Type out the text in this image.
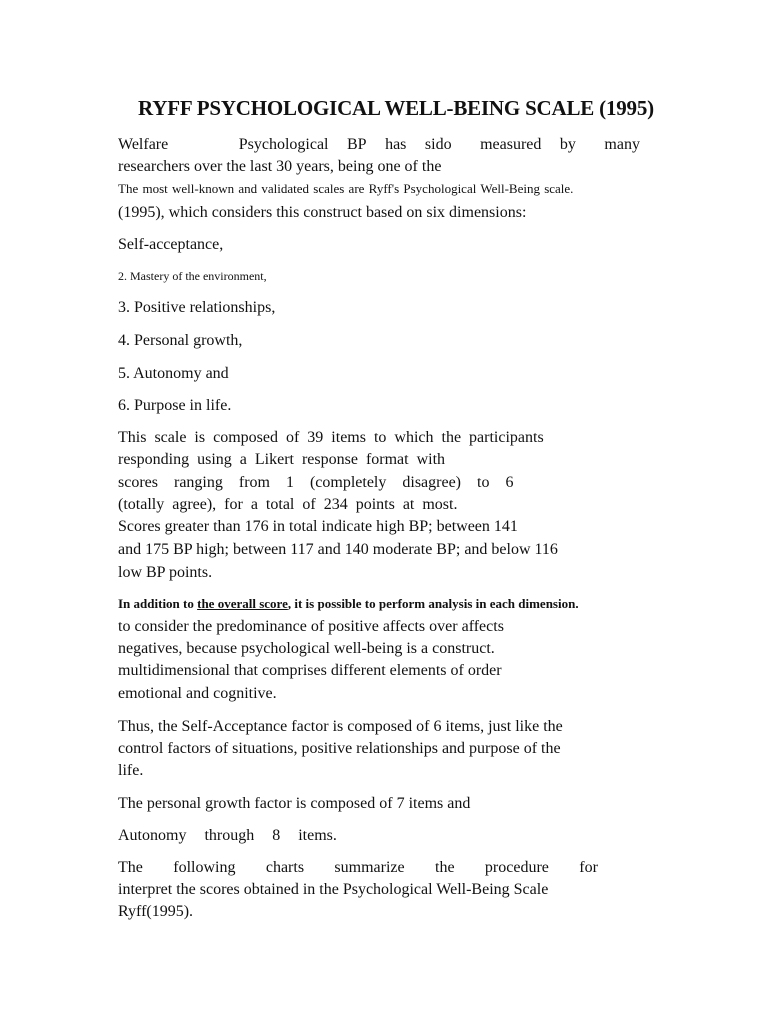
RYFF PSYCHOLOGICAL WELL-BEING SCALE (1995)
Welfare	Psychological BP has sido measured by many
researchers over the last 30 years, being one of the
The most well-known and validated scales are Ryff's Psychological Well-Being scale.
(1995), which considers this construct based on six dimensions:
Self-acceptance,
2. Mastery of the environment,
3. Positive relationships,
4. Personal growth,
5. Autonomy and
6. Purpose in life.
This scale is composed of 39 items to which the participants
responding using a Likert response format with
scores ranging from 1 (completely disagree) to 6
(totally agree), for a total of 234 points at most.
Scores greater than 176 in total indicate high BP; between 141
and 175 BP high; between 117 and 140 moderate BP; and below 116
low BP points.
In addition to the overall score, it is possible to perform analysis in each dimension.
to consider the predominance of positive affects over affects
negatives, because psychological well-being is a construct.
multidimensional that comprises different elements of order
emotional and cognitive.
Thus, the Self-Acceptance factor is composed of 6 items, just like the
control factors of situations, positive relationships and purpose of the
life.
The personal growth factor is composed of 7 items and
Autonomy through 8 items.
The following charts summarize the procedure for
interpret the scores obtained in the Psychological Well-Being Scale
Ryff(1995).
